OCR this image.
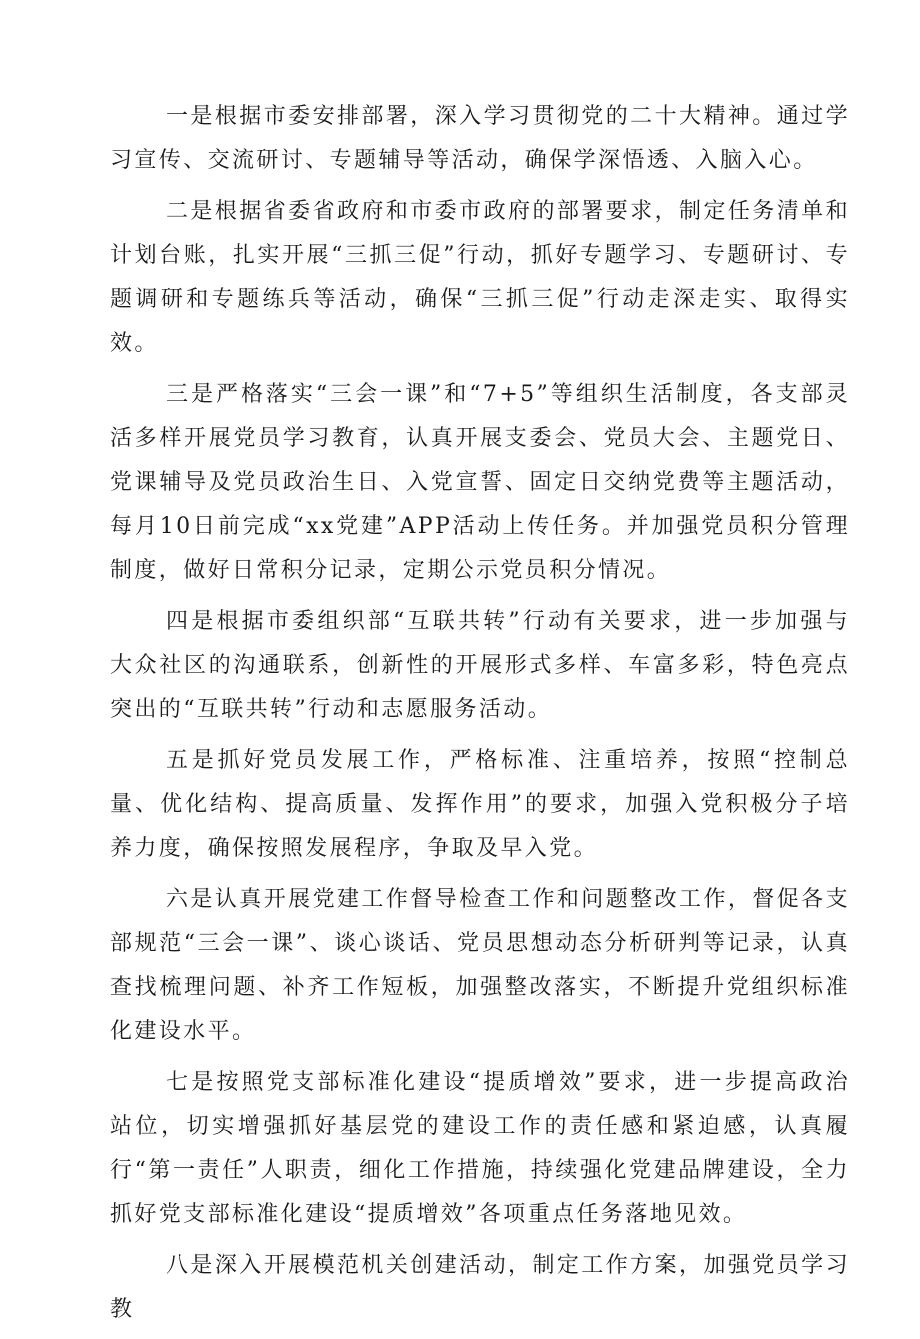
一是根据市委安排部署，深入学习贯彻党的二十大精神。通过学习宣传、交流研讨、专题辅导等活动，确保学深悟透、入脑入心。

二是根据省委省政府和市委市政府的部署要求，制定任务清单和计划台账，扎实开展“三抓三促”行动，抓好专题学习、专题研讨、专题调研和专题练兵等活动，确保“三抓三促”行动走深走实、取得实效。

三是严格落实“三会一课”和“7+5”等组织生活制度，各支部灵活多样开展党员学习教育，认真开展支委会、党员大会、主题党日、党课辅导及党员政治生日、入党宣誓、固定日交纳党费等主题活动，每月10日前完成“xx党建”APP活动上传任务。并加强党员积分管理制度，做好日常积分记录，定期公示党员积分情况。

四是根据市委组织部“互联共转”行动有关要求，进一步加强与大众社区的沟通联系，创新性的开展形式多样、车富多彩，特色亮点突出的“互联共转”行动和志愿服务活动。

五是抓好党员发展工作，严格标准、注重培养，按照“控制总量、优化结构、提高质量、发挥作用”的要求，加强入党积极分子培养力度，确保按照发展程序，争取及早入党。

六是认真开展党建工作督导检查工作和问题整改工作，督促各支部规范“三会一课”、谈心谈话、党员思想动态分析研判等记录，认真查找梳理问题、补齐工作短板，加强整改落实，不断提升党组织标准化建设水平。

七是按照党支部标准化建设“提质增效”要求，进一步提高政治站位，切实增强抓好基层党的建设工作的责任感和紧迫感，认真履行“第一责任”人职责，细化工作措施，持续强化党建品牌建设，全力抓好党支部标准化建设“提质增效”各项重点任务落地见效。

八是深入开展模范机关创建活动，制定工作方案，加强党员学习教
